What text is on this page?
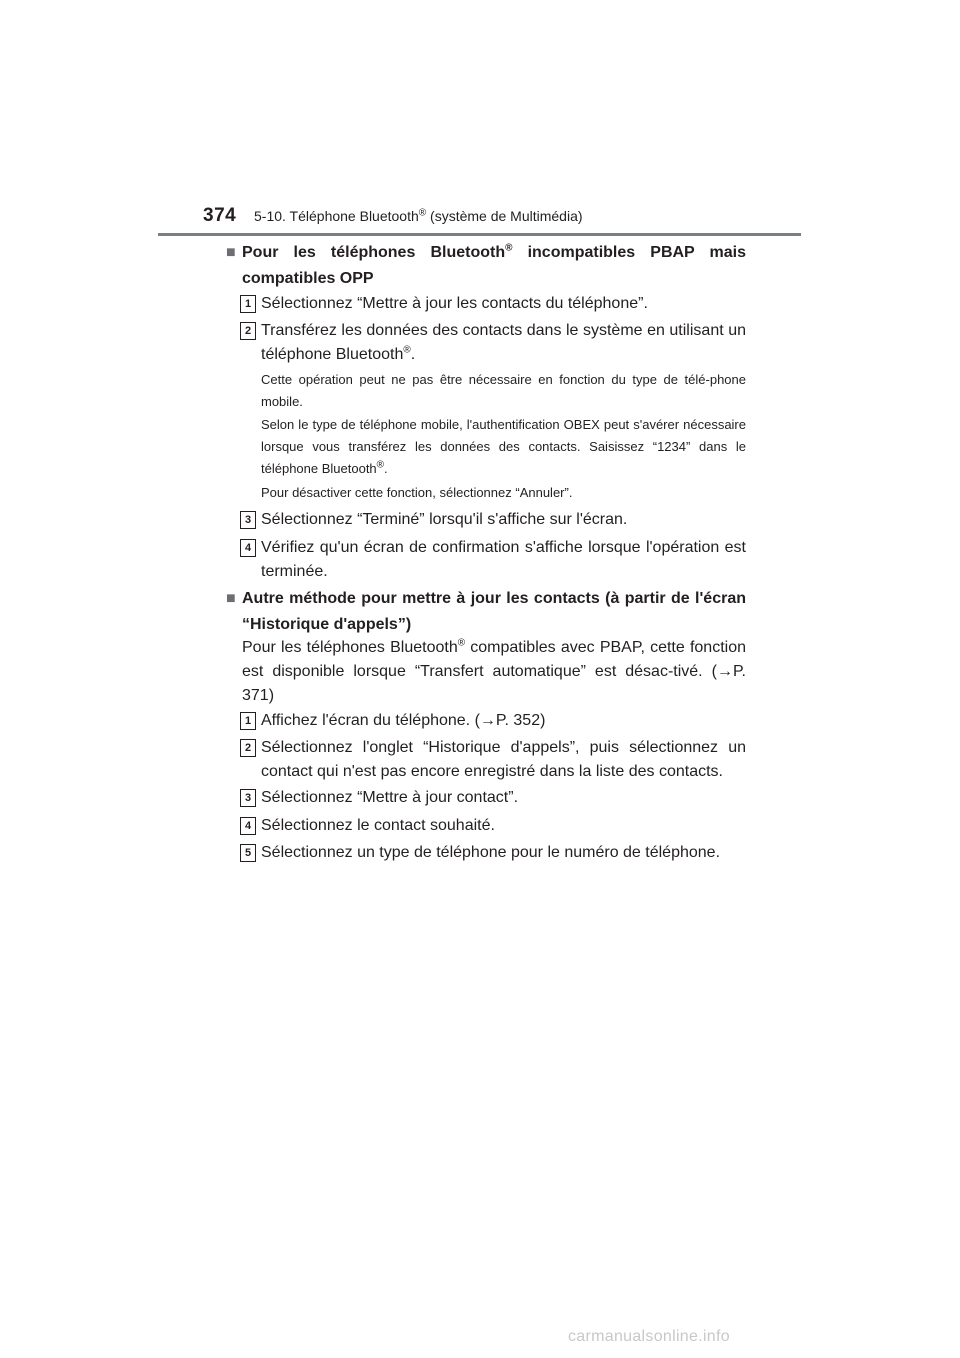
374 5-10. Téléphone Bluetooth® (système de Multimédia)
■ Pour les téléphones Bluetooth® incompatibles PBAP mais compatibles OPP
1 Sélectionnez “Mettre à jour les contacts du téléphone”.
2 Transférez les données des contacts dans le système en utilisant un téléphone Bluetooth®.
Cette opération peut ne pas être nécessaire en fonction du type de télé-phone mobile.
Selon le type de téléphone mobile, l'authentification OBEX peut s'avérer nécessaire lorsque vous transférez les données des contacts. Saisissez “1234” dans le téléphone Bluetooth®.
Pour désactiver cette fonction, sélectionnez “Annuler”.
3 Sélectionnez “Terminé” lorsqu'il s'affiche sur l'écran.
4 Vérifiez qu'un écran de confirmation s'affiche lorsque l'opération est terminée.
■ Autre méthode pour mettre à jour les contacts (à partir de l'écran “Historique d'appels”)
Pour les téléphones Bluetooth® compatibles avec PBAP, cette fonction est disponible lorsque “Transfert automatique” est désac-tivé. (→P. 371)
1 Affichez l'écran du téléphone. (→P. 352)
2 Sélectionnez l'onglet “Historique d'appels”, puis sélectionnez un contact qui n'est pas encore enregistré dans la liste des contacts.
3 Sélectionnez “Mettre à jour contact”.
4 Sélectionnez le contact souhaité.
5 Sélectionnez un type de téléphone pour le numéro de téléphone.
carmanualsonline.info
